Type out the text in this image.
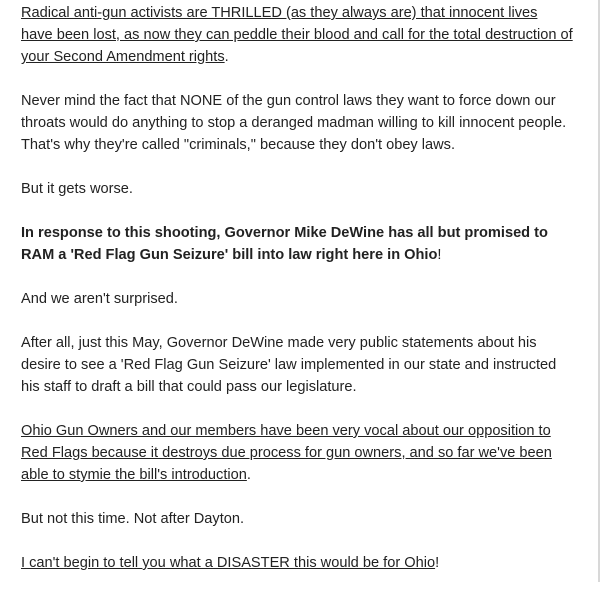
Radical anti-gun activists are THRILLED (as they always are) that innocent lives have been lost, as now they can peddle their blood and call for the total destruction of your Second Amendment rights.

Never mind the fact that NONE of the gun control laws they want to force down our throats would do anything to stop a deranged madman willing to kill innocent people. That's why they're called "criminals," because they don't obey laws.

But it gets worse.

In response to this shooting, Governor Mike DeWine has all but promised to RAM a 'Red Flag Gun Seizure' bill into law right here in Ohio!

And we aren't surprised.

After all, just this May, Governor DeWine made very public statements about his desire to see a 'Red Flag Gun Seizure' law implemented in our state and instructed his staff to draft a bill that could pass our legislature.

Ohio Gun Owners and our members have been very vocal about our opposition to Red Flags because it destroys due process for gun owners, and so far we've been able to stymie the bill's introduction.

But not this time. Not after Dayton.

I can't begin to tell you what a DISASTER this would be for Ohio!
